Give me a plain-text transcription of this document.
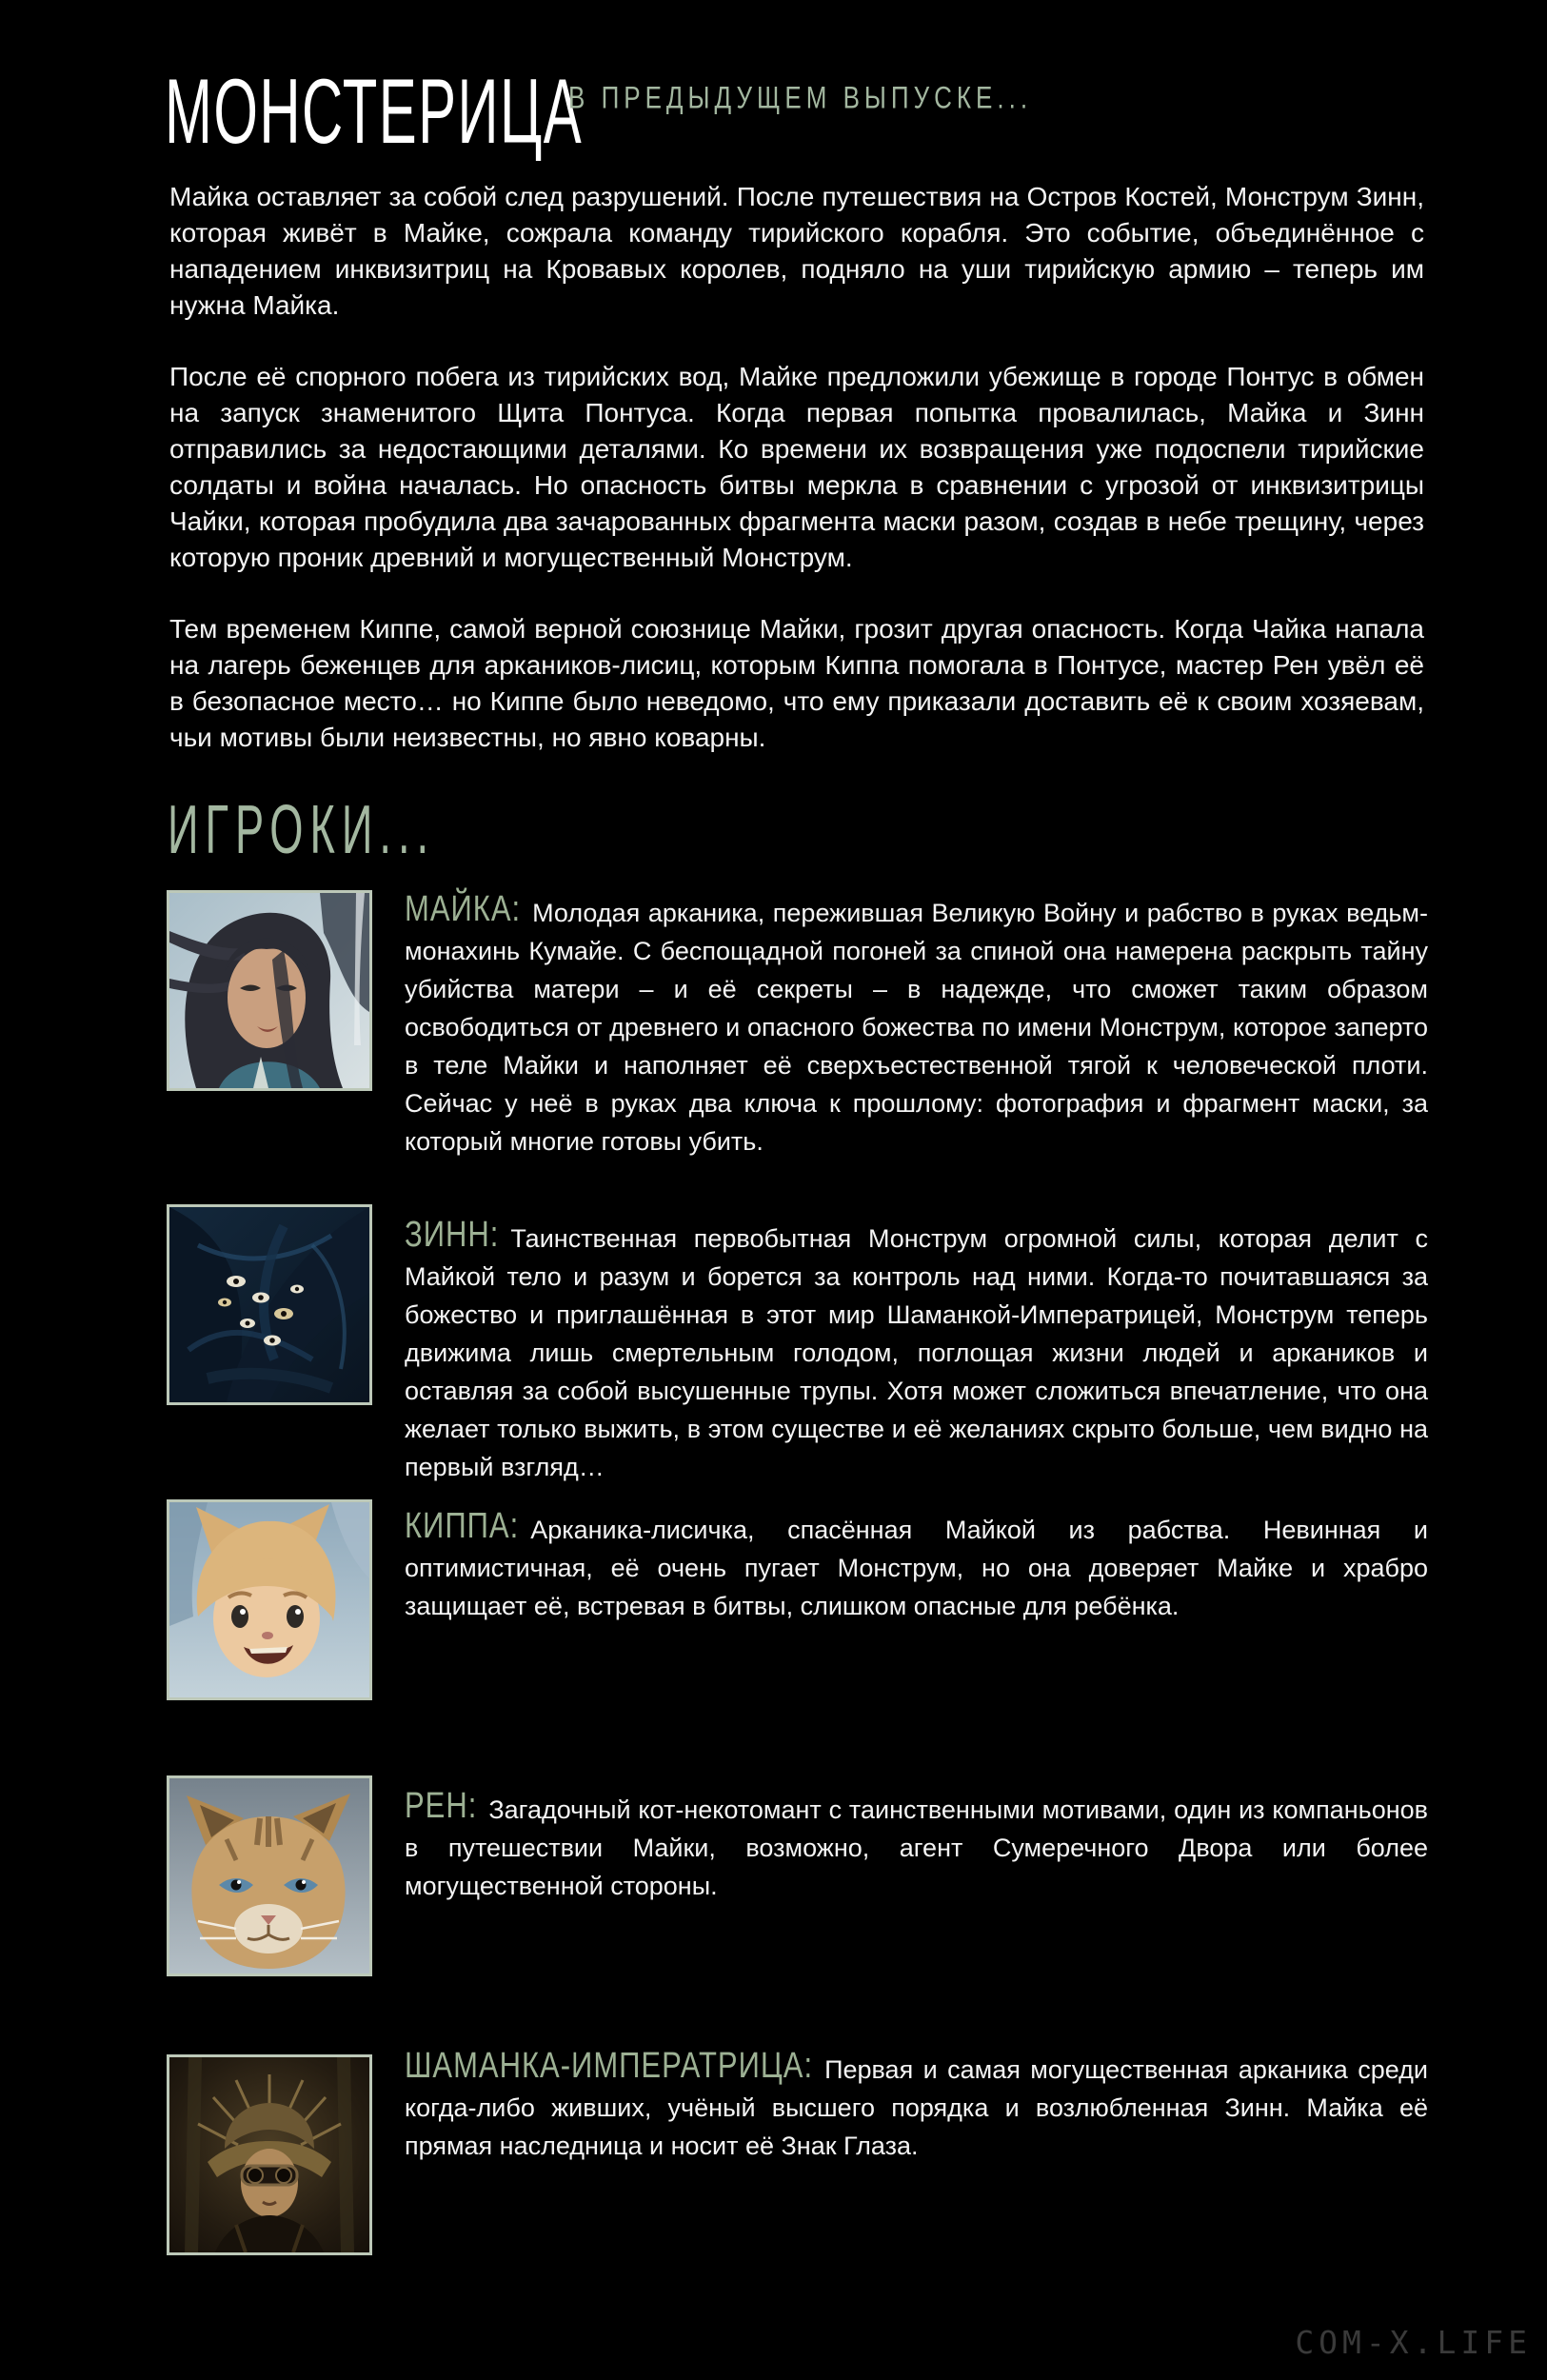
МОНСТЕРИЦА
В ПРЕДЫДУЩЕМ ВЫПУСКЕ...

Майка оставляет за собой след разрушений. После путешествия на Остров Костей, Монструм Зинн, которая живёт в Майке, сожрала команду тирийского корабля. Это событие, объединённое с нападением инквизитриц на Кровавых королев, подняло на уши тирийскую армию – теперь им нужна Майка.

После её спорного побега из тирийских вод, Майке предложили убежище в городе Понтус в обмен на запуск знаменитого Щита Понтуса. Когда первая попытка провалилась, Майка и Зинн отправились за недостающими деталями. Ко времени их возвращения уже подоспели тирийские солдаты и война началась. Но опасность битвы меркла в сравнении с угрозой от инквизитрицы Чайки, которая пробудила два зачарованных фрагмента маски разом, создав в небе трещину, через которую проник древний и могущественный Монструм.

Тем временем Киппе, самой верной союзнице Майки, грозит другая опасность. Когда Чайка напала на лагерь беженцев для аркаников-лисиц, которым Киппа помогала в Понтусе, мастер Рен увёл её в безопасное место… но Киппе было неведомо, что ему приказали доставить её к своим хозяевам, чьи мотивы были неизвестны, но явно коварны.

ИГРОКИ...

МАЙКА: Молодая арканика, пережившая Великую Войну и рабство в руках ведьм-монахинь Кумайе. С беспощадной погоней за спиной она намерена раскрыть тайну убийства матери – и её секреты – в надежде, что сможет таким образом освободиться от древнего и опасного божества по имени Монструм, которое заперто в теле Майки и наполняет её сверхъестественной тягой к человеческой плоти. Сейчас у неё в руках два ключа к прошлому: фотография и фрагмент маски, за который многие готовы убить.

ЗИНН: Таинственная первобытная Монструм огромной силы, которая делит с Майкой тело и разум и борется за контроль над ними. Когда-то почитавшаяся за божество и приглашённая в этот мир Шаманкой-Императрицей, Монструм теперь движима лишь смертельным голодом, поглощая жизни людей и аркаников и оставляя за собой высушенные трупы. Хотя может сложиться впечатление, что она желает только выжить, в этом существе и её желаниях скрыто больше, чем видно на первый взгляд…

КИППА: Арканика-лисичка, спасённая Майкой из рабства. Невинная и оптимистичная, её очень пугает Монструм, но она доверяет Майке и храбро защищает её, встревая в битвы, слишком опасные для ребёнка.

РЕН: Загадочный кот-некотомант с таинственными мотивами, один из компаньонов в путешествии Майки, возможно, агент Сумеречного Двора или более могущественной стороны.

ШАМАНКА-ИМПЕРАТРИЦА: Первая и самая могущественная арканика среди когда-либо живших, учёный высшего порядка и возлюбленная Зинн. Майка её прямая наследница и носит её Знак Глаза.

COM-X.LIFE
